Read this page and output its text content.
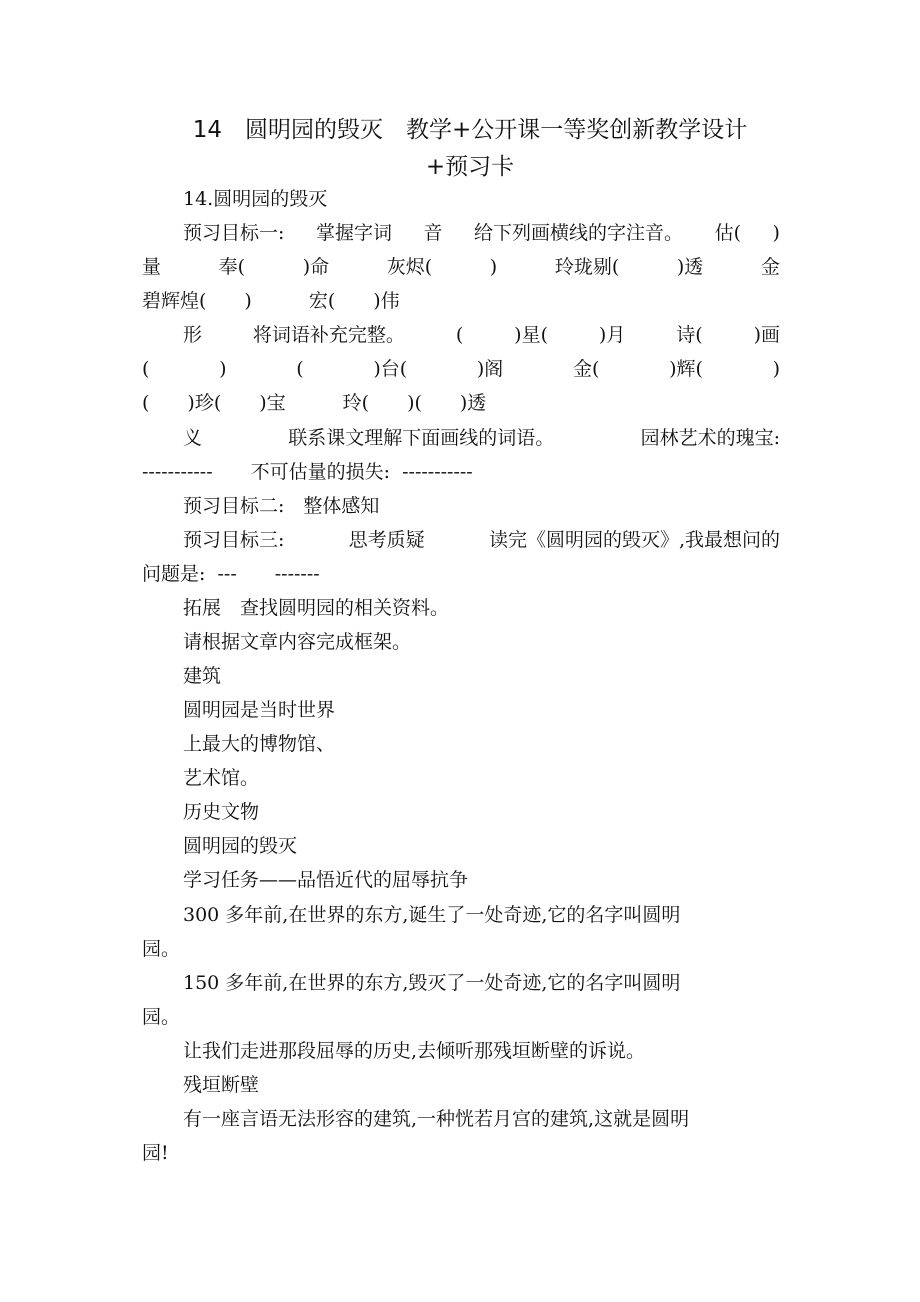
14　圆明园的毁灭　教学+公开课一等奖创新教学设计
+预习卡
14.圆明园的毁灭
预习目标一: 掌握字词 音 给下列画横线的字注音。 估( )
量	奉(	)命	灰烬(	)	玲珑剔(	)透	金
碧辉煌(　　)　　　宏(　　)伟
形	将词语补充完整。	(	)星(	)月	诗(	)画
(	)	(	)台(	)阁	金(	)辉(	)
(　　)珍(　　)宝　　　玲(　　)(　　)透
义	联系课文理解下面画线的词语。	园林艺术的瑰宝:
-----------　　不可估量的损失:  -----------
预习目标二:　整体感知
预习目标三:	思考质疑	读完《圆明园的毁灭》,我最想问的
问题是:  ---　　-------
拓展　查找圆明园的相关资料。
请根据文章内容完成框架。
建筑
圆明园是当时世界
上最大的博物馆、
艺术馆。
历史文物
圆明园的毁灭
学习任务——品悟近代的屈辱抗争
300 多年前,在世界的东方,诞生了一处奇迹,它的名字叫圆明
园。
150 多年前,在世界的东方,毁灭了一处奇迹,它的名字叫圆明
园。
让我们走进那段屈辱的历史,去倾听那残垣断壁的诉说。
残垣断壁
有一座言语无法形容的建筑,一种恍若月宫的建筑,这就是圆明
园!
